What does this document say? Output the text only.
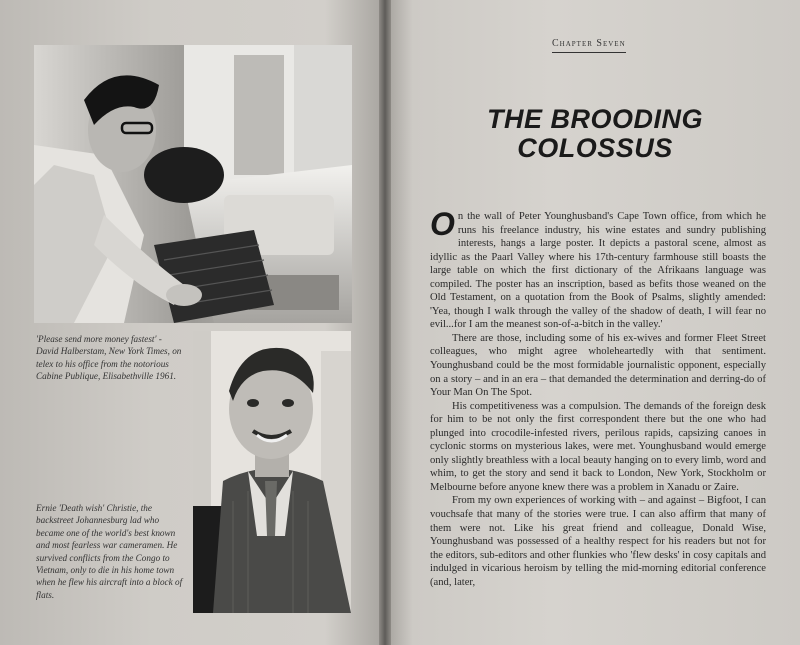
'Please send more money fastest' - David Halberstam, New York Times, on telex to his office from the notorious Cabine Publique, Elisabethville 1961.
Ernie 'Death wish' Christie, the backstreet Johannesburg lad who became one of the world's best known and most fearless war cameramen. He survived conflicts from the Congo to Vietnam, only to die in his home town when he flew his aircraft into a block of flats.
Chapter Seven
THE BROODING
COLOSSUS

On the wall of Peter Younghusband's Cape Town office, from which he runs his freelance industry, his wine estates and sundry publishing interests, hangs a large poster. It depicts a pastoral scene, almost as idyllic as the Paarl Valley where his 17th-century farmhouse still boasts the large table on which the first dictionary of the Afrikaans language was compiled. The poster has an inscription, based as befits those weaned on the Old Testament, on a quotation from the Book of Psalms, slightly amended: 'Yea, though I walk through the valley of the shadow of death, I will fear no evil...for I am the meanest son-of-a-bitch in the valley.'

There are those, including some of his ex-wives and former Fleet Street colleagues, who might agree wholeheartedly with that sentiment. Younghusband could be the most formidable journalistic opponent, especially on a story – and in an era – that demanded the determination and derring-do of Your Man On The Spot.

His competitiveness was a compulsion. The demands of the foreign desk for him to be not only the first correspondent there but the one who had plunged into crocodile-infested rivers, perilous rapids, capsizing canoes in cyclonic storms on mysterious lakes, were met. Younghusband would emerge only slightly breathless with a local beauty hanging on to every limb, word and whim, to get the story and send it back to London, New York, Stockholm or Melbourne before anyone knew there was a problem in Xanadu or Zaire.

From my own experiences of working with – and against – Bigfoot, I can vouchsafe that many of the stories were true. I can also affirm that many of them were not. Like his great friend and colleague, Donald Wise, Younghusband was possessed of a healthy respect for his readers but not for the editors, sub-editors and other flunkies who 'flew desks' in cosy capitals and indulged in vicarious heroism by telling the mid-morning editorial conference (and, later,
